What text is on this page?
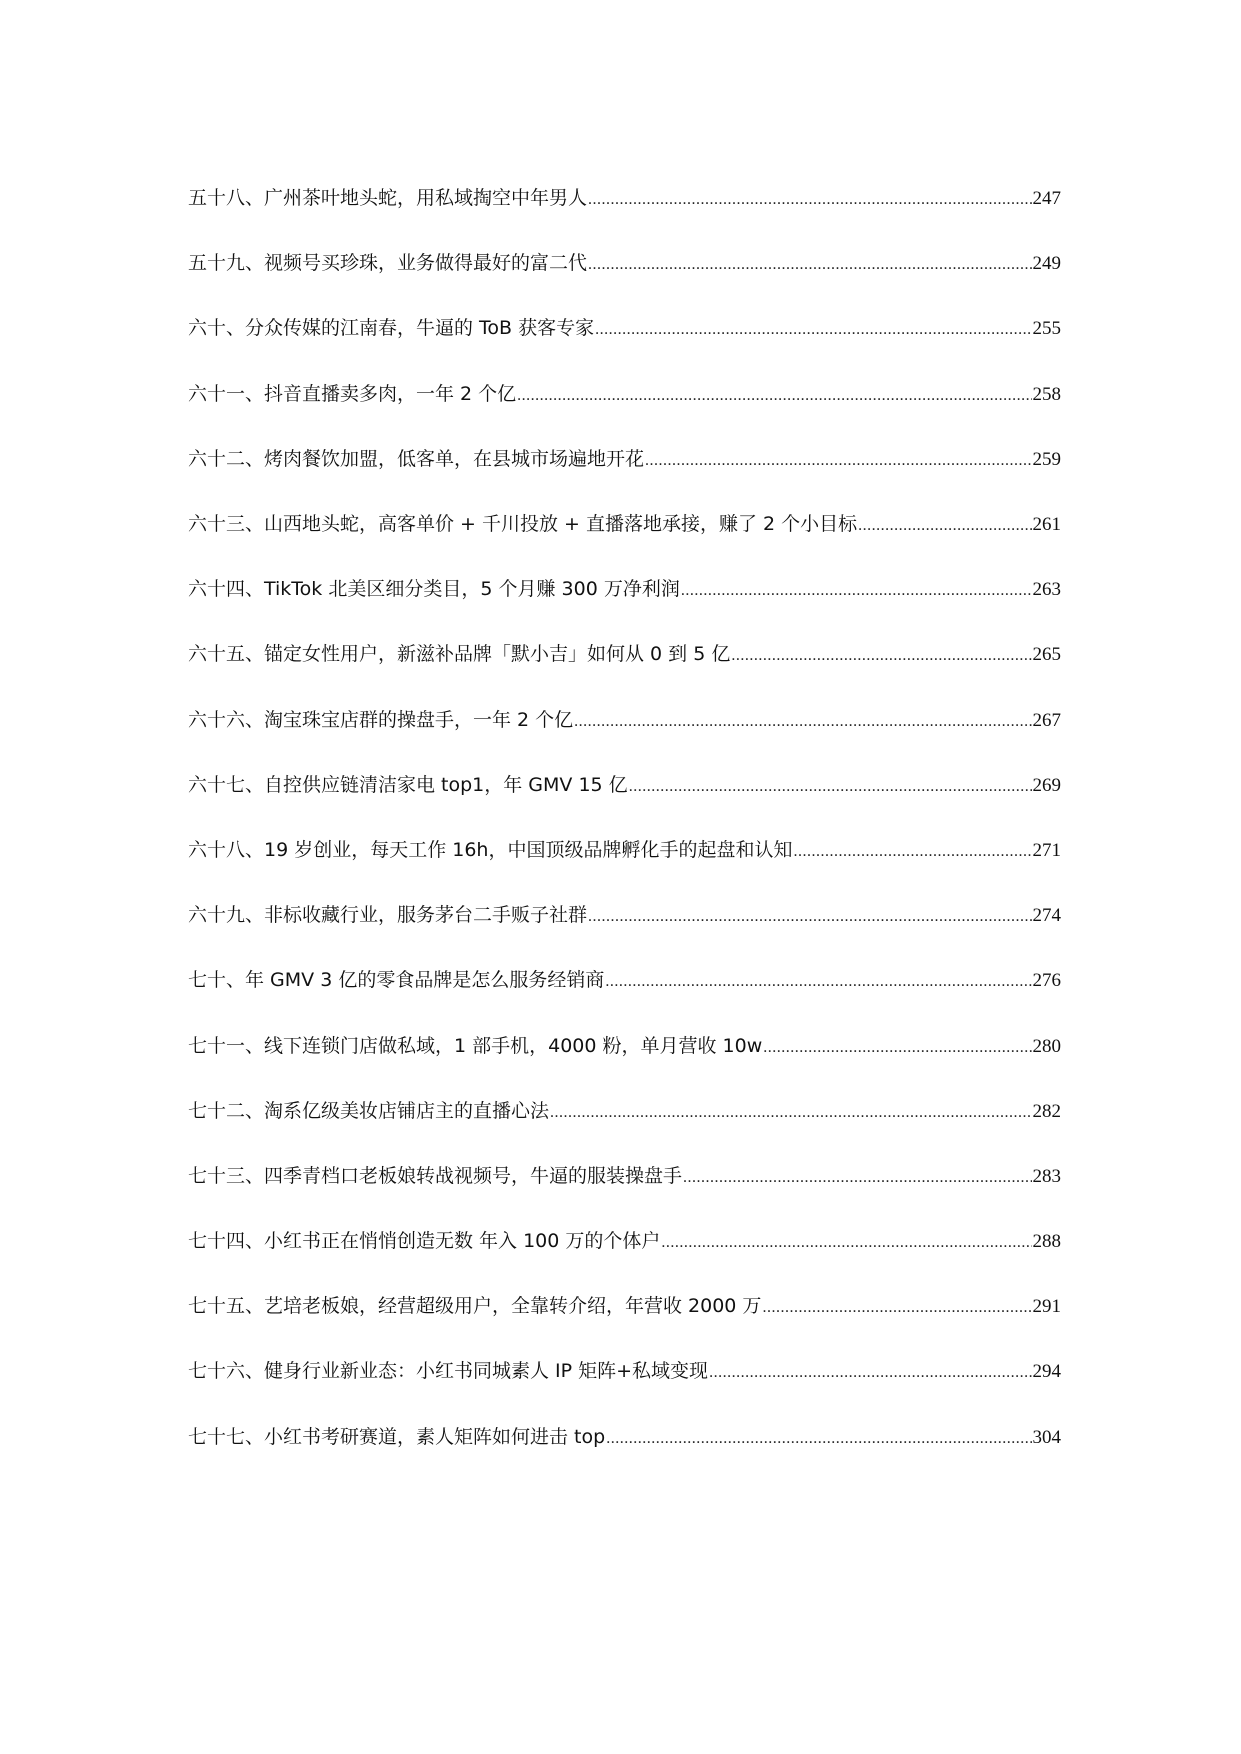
五十八、广州茶叶地头蛇，用私域掏空中年男人 .....	247
五十九、视频号买珍珠，业务做得最好的富二代 .....	249
六十、分众传媒的江南春，牛逼的 ToB 获客专家 .....	255
六十一、抖音直播卖多肉，一年 2 个亿 .....	258
六十二、烤肉餐饮加盟，低客单，在县城市场遍地开花 .....	259
六十三、山西地头蛇，高客单价 + 千川投放 + 直播落地承接，赚了 2 个小目标 .....	261
六十四、TikTok 北美区细分类目，5 个月赚 300 万净利润 .....	263
六十五、锚定女性用户，新滋补品牌「默小吉」如何从 0 到 5 亿 .....	265
六十六、淘宝珠宝店群的操盘手，一年 2 个亿 .....	267
六十七、自控供应链清洁家电 top1，年 GMV 15 亿 .....	269
六十八、19 岁创业，每天工作 16h，中国顶级品牌孵化手的起盘和认知 .....	271
六十九、非标收藏行业，服务茅台二手贩子社群 .....	274
七十、年 GMV 3 亿的零食品牌是怎么服务经销商 .....	276
七十一、线下连锁门店做私域，1 部手机，4000 粉，单月营收 10w .....	280
七十二、淘系亿级美妆店铺店主的直播心法 .....	282
七十三、四季青档口老板娘转战视频号，牛逼的服装操盘手 .....	283
七十四、小红书正在悄悄创造无数 年入 100 万的个体户 .....	288
七十五、艺培老板娘，经营超级用户，全靠转介绍，年营收 2000 万 .....	291
七十六、健身行业新业态：小红书同城素人 IP 矩阵+私域变现 .....	294
七十七、小红书考研赛道，素人矩阵如何进击 top .....	304
